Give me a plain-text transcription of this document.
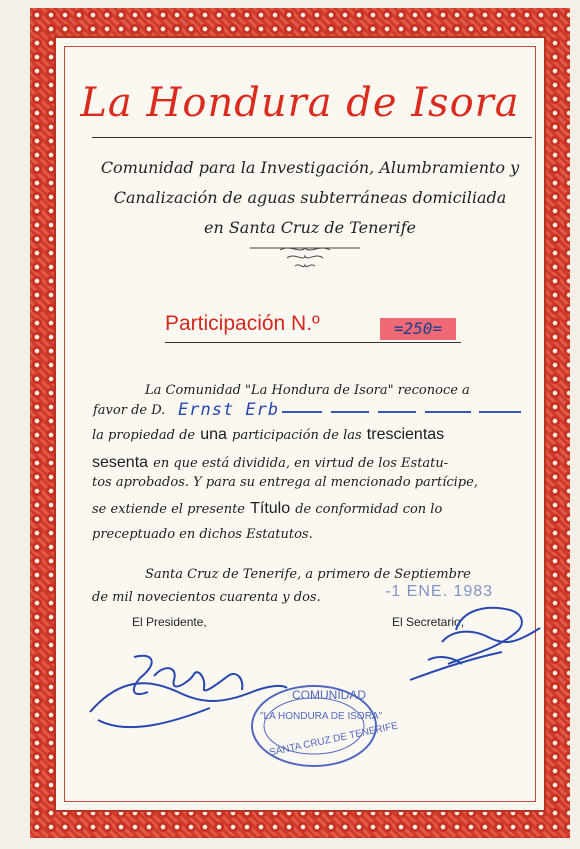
La Hondura de Isora
Comunidad para la Investigación, Alumbramiento y
Canalización de aguas subterráneas domiciliada
en Santa Cruz de Tenerife
Participación N.º	=250=
La Comunidad "La Hondura de Isora" reconoce a
favor de D. Ernst Erb
la propiedad de una participación de las trescientas
sesenta en que está dividida, en virtud de los Estatu-
tos aprobados. Y para su entrega al mencionado partícipe,
se extiende el presente Título de conformidad con lo
preceptuado en dichos Estatutos.
Santa Cruz de Tenerife, a primero de Septiembre
de mil novecientos cuarenta y dos.	-1 ENE. 1983
El Presidente,	El Secretario,
COMUNIDAD
"LA HONDURA DE ISORA"
SANTA CRUZ DE TENERIFE
